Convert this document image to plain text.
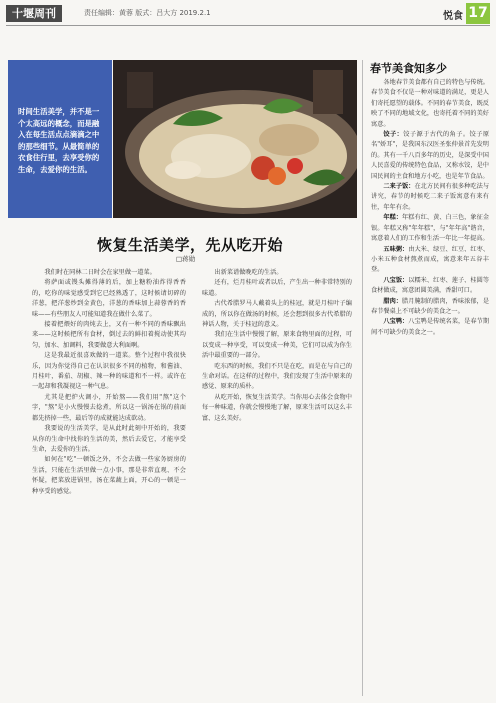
十堰周刊	责任编辑：黄蓉 版式：吕大方 2019.2.1	悦食 17
时间生活美学，并不是一个太高远的概念，而是融入在每生活点点滴滴之中的那些细节。从最简单的衣食住行里，去享受你的生命，去爱你的生活。
恢复生活美学，先从吃开始
□蒋勋

我们时在同林二日时会在家里做一道菜。

将萨面或馒头摊得薄的后，加上糖粉油炸得香香的，吃你的味觉感受到它已经熟透了，这时候请切碎的洋葱，把洋葱炒到金黄色，洋葱的香味加上蒜蓉香的香味——有些朋友人可能知道我在做什么菜了。

接着把煨好的肉炖去上，又有一种不同的香味飘出来——这时候把所有食材，倒过去的鲜扣着搅动使其均匀，加水、加调料，我要做意大利面啊。

这是我最近很喜欢做的一道菜。整个过程中我很快乐，因为你觉得自己在认识很多不同的植物，和酱油、月桂叶，番茄、胡椒、辣一种的味道和不一样。或许在一起却和我凝视这一种气息。

尤其是把炉火调小，开始熬——我们用"熬"这个字，"熬"是小火慢慢去捻煮，所以这一锅汤在锅的前面都先挤掉一些，最后等的成就能达成欲动。

我要说的生活美学，是从此时此刻中开始的，我要从你的生命中找你的生活的美，然后去爱它，才能享受生命，去爱你的生活。

如何在"吃"一顿饭之外，不会去做一些家务厨房的生活，只能在生活里做一点小事，那是非常直观、不会怀疑，把菜放进锅里，汤在菜蔬上面，开心的一顿是一种享受的感觉。

出新菜谱做晚吃的生活。

还有，烂月桂叶或者以后，产生出一种非常特别的味道。

古代希腊罗马人戴着头上的桂冠，就是月桂叶子编成的，所以你在做汤的时候，还会想到很多古代希腊的神话人物，关于桂冠的意义。

我们在生活中慢慢了解，原来食物里面的过程，可以变成一种享受，可以变成一种美，它们可以成为你生活中最重要的一部分。

吃东西的时候，我们不只是在吃，而是在与自己的生命对话。在这样的过程中，我们发现了生活中原来的感觉、原来的质朴。

从吃开始，恢复生活美学。当你用心去体会食物中每一种味道，你就会慢慢地了解，原来生活可以这么丰富、这么美好。

春节美食知多少

各地春节美食都有自己的特色与传统。春节美食不仅是一种对味道的满足，更是人们寄托愿望的载体。不同的春节美食，既反映了不同的地域文化，也寄托着不同的美好寓意。

饺子：饺子源于古代的角子。饺子原名"娇耳"，是我国东汉医圣张仲景首先发明的。其有一千八百多年的历史，是深受中国人民喜爱的传统特色食品，又称水饺，是中国民间的主食和地方小吃，也是年节食品。

二来子饭：在北方民间有很多种吃法与讲究，春节的时候吃二来子饭寓意有来有往，年年有余。

年糕：年糕有红、黄、白三色，象征金银。年糕又称"年年糕"，与"年年高"谐音，寓意着人们的工作和生活一年比一年提高。

五味粥：由大米、绿豆、红豆、红枣、小米五种食材熬煮而成，寓意来年五谷丰登。

八宝饭：以糯米、红枣、莲子、桂圆等食材做成，寓意团圆美满，香甜可口。

腊肉：腊月腌制的腊肉，香味浓郁，是春节餐桌上不可缺少的美食之一。

八宝鸭：八宝鸭是传统名菜，是春节期间不可缺少的美食之一。
